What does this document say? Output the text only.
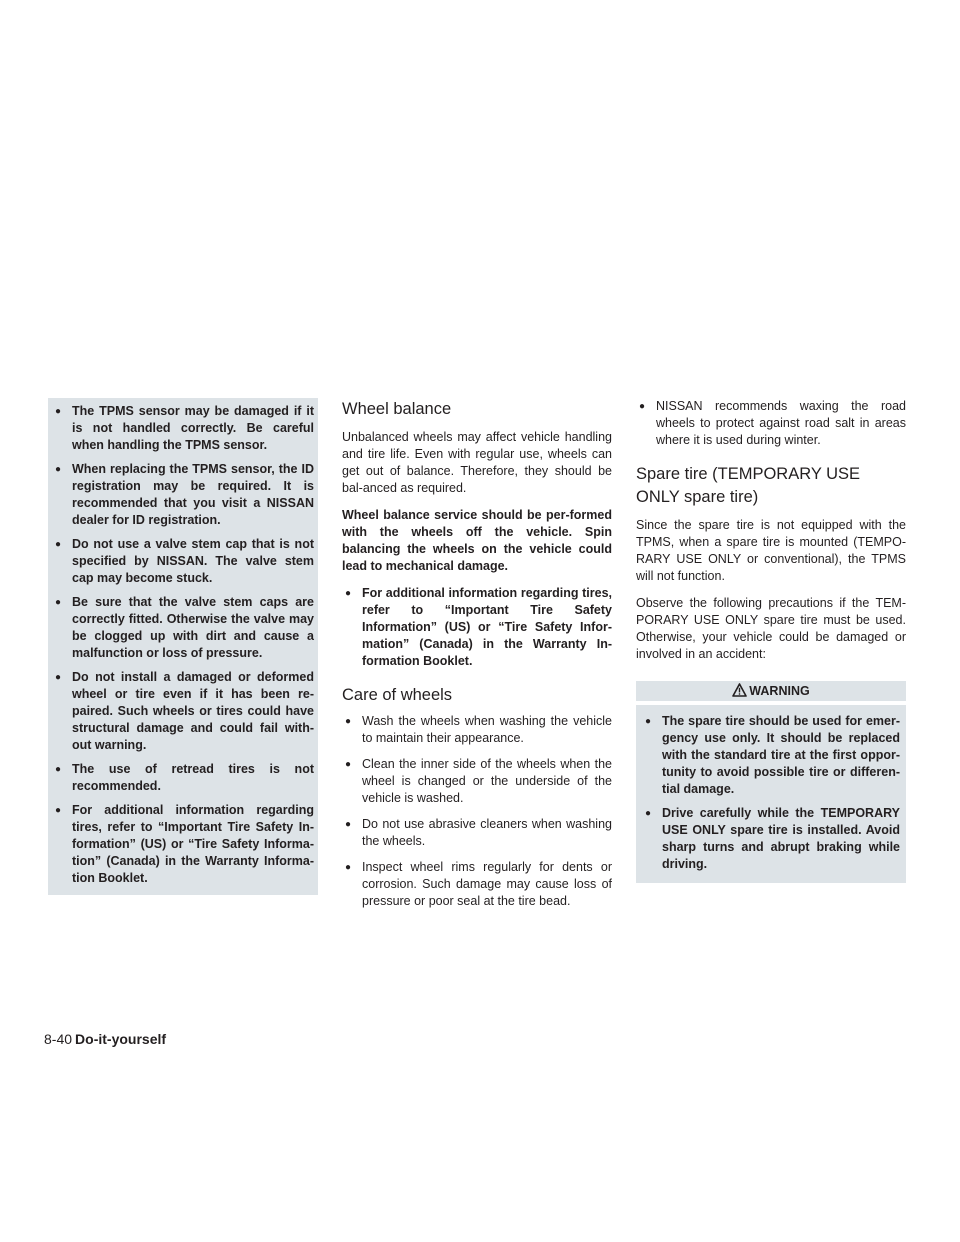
● The TPMS sensor may be damaged if it is not handled correctly. Be careful when handling the TPMS sensor.
● When replacing the TPMS sensor, the ID registration may be required. It is recommended that you visit a NISSAN dealer for ID registration.
● Do not use a valve stem cap that is not specified by NISSAN. The valve stem cap may become stuck.
● Be sure that the valve stem caps are correctly fitted. Otherwise the valve may be clogged up with dirt and cause a malfunction or loss of pressure.
● Do not install a damaged or deformed wheel or tire even if it has been re-paired. Such wheels or tires could have structural damage and could fail with-out warning.
● The use of retread tires is not recommended.
● For additional information regarding tires, refer to “Important Tire Safety In-formation” (US) or “Tire Safety Informa-tion” (Canada) in the Warranty Informa-tion Booklet.
Wheel balance

Unbalanced wheels may affect vehicle handling and tire life. Even with regular use, wheels can get out of balance. Therefore, they should be bal-anced as required.

Wheel balance service should be per-formed with the wheels off the vehicle. Spin balancing the wheels on the vehicle could lead to mechanical damage.

● For additional information regarding tires, refer to “Important Tire Safety Information” (US) or “Tire Safety Infor-mation” (Canada) in the Warranty In-formation Booklet.
Care of wheels
● Wash the wheels when washing the vehicle to maintain their appearance.
● Clean the inner side of the wheels when the wheel is changed or the underside of the vehicle is washed.
● Do not use abrasive cleaners when washing the wheels.
● Inspect wheel rims regularly for dents or corrosion. Such damage may cause loss of pressure or poor seal at the tire bead.
● NISSAN recommends waxing the road wheels to protect against road salt in areas where it is used during winter.
Spare tire (TEMPORARY USE ONLY spare tire)

Since the spare tire is not equipped with the TPMS, when a spare tire is mounted (TEMPO-RARY USE ONLY or conventional), the TPMS will not function.

Observe the following precautions if the TEM-PORARY USE ONLY spare tire must be used. Otherwise, your vehicle could be damaged or involved in an accident:

WARNING
● The spare tire should be used for emer-gency use only. It should be replaced with the standard tire at the first oppor-tunity to avoid possible tire or differen-tial damage.
● Drive carefully while the TEMPORARY USE ONLY spare tire is installed. Avoid sharp turns and abrupt braking while driving.
8-40 Do-it-yourself
